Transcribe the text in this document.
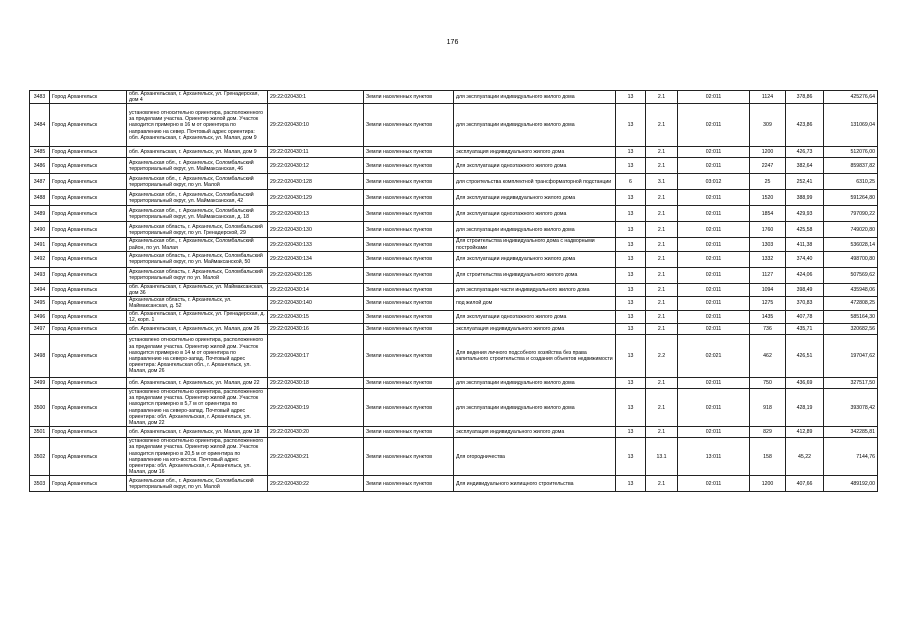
176
3483	Город Архангельск	обл. Архангельская, г. Архангельск, ул. Гренадерская, дом 4	29:22:020430:1	Земли населенных пунктов	для эксплуатации индивидуального жилого дома	13	2.1	02:011	1124	378,86	425276,64
3484	Город Архангельск	установлено относительно ориентира, расположенного за пределами участка. Ориентир жилой дом. Участок находится примерно в 16 м от ориентира по направлению на север. Почтовый адрес ориентира: обл. Архангельская, г. Архангельск, ул. Малая, дом 9	29:22:020430:10	Земли населенных пунктов	для эксплуатации индивидуального жилого дома	13	2.1	02:011	309	423,86	131069,04
3485	Город Архангельск	обл. Архангельская, г. Архангельск, ул. Малая, дом 9	29:22:020430:11	Земли населенных пунктов	эксплуатация индивидуального жилого дома	13	2.1	02:011	1200	426,73	512076,00
3486	Город Архангельск	Архангельская обл., г. Архангельск, Соломбальский территориальный округ, ул. Маймаксанская, 46	29:22:020430:12	Земли населенных пунктов	Для эксплуатации одноэтажного жилого дома	13	2.1	02:011	2247	382,64	859837,82
3487	Город Архангельск	Архангельская обл., г. Архангельск, Соломбальский территориальный округ, по ул. Малой	29:22:020430:128	Земли населенных пунктов	для строительства комплектной трансформаторной подстанции	6	3.1	03:012	25	252,41	6310,25
3488	Город Архангельск	Архангельская обл., г. Архангельск, Соломбальский территориальный округ, ул. Маймаксанская, 42	29:22:020430:129	Земли населенных пунктов	Для эксплуатации индивидуального жилого дома	13	2.1	02:011	1520	388,99	591264,80
3489	Город Архангельск	Архангельская обл., г. Архангельск, Соломбальский территориальный округ, ул. Маймаксанская, д. 18	29:22:020430:13	Земли населенных пунктов	Для эксплуатации одноэтажного жилого дома	13	2.1	02:011	1854	429,93	797090,22
3490	Город Архангельск	Архангельская область, г. Архангельск, Соломбальский территориальный округ, по ул. Гренадерской, 29	29:22:020430:130	Земли населенных пунктов	для эксплуатации индивидуального жилого дома	13	2.1	02:011	1760	425,58	749020,80
3491	Город Архангельск	Архангельская обл., г. Архангельск, Соломбальский район, по ул. Малая	29:22:020430:133	Земли населенных пунктов	Для строительства индивидуального дома с надворными постройками	13	2.1	02:011	1303	411,38	536028,14
3492	Город Архангельск	Архангельская область, г. Архангельск, Соломбальский территориальный округ, по ул. Маймаксанской, 50	29:22:020430:134	Земли населенных пунктов	Для эксплуатации индивидуального жилого дома	13	2.1	02:011	1332	374,40	498700,80
3493	Город Архангельск	Архангельская область, г. Архангельск, Соломбальский территориальный округ по ул. Малой	29:22:020430:135	Земли населенных пунктов	Для строительства индивидуального жилого дома	13	2.1	02:011	1127	424,06	507569,62
3494	Город Архангельск	обл. Архангельская, г. Архангельск, ул. Маймаксанская, дом 36	29:22:020430:14	Земли населенных пунктов	для эксплуатации части индивидуального жилого дома	13	2.1	02:011	1094	398,49	435948,06
3495	Город Архангельск	Архангельская область, г. Архангельск, ул. Маймаксанская, д. 52	29:22:020430:140	Земли населенных пунктов	под жилой дом	13	2.1	02:011	1275	370,83	472808,25
3496	Город Архангельск	обл. Архангельская, г. Архангельск, ул. Гренадерская, д. 12, корп. 1	29:22:020430:15	Земли населенных пунктов	Для эксплуатации одноэтажного жилого дома	13	2.1	02:011	1435	407,78	585164,30
3497	Город Архангельск	обл. Архангельская, г. Архангельск, ул. Малая, дом 26	29:22:020430:16	Земли населенных пунктов	эксплуатация индивидуального жилого дома	13	2.1	02:011	736	435,71	320682,56
3498	Город Архангельск	установлено относительно ориентира, расположенного за пределами участка. Ориентир жилой дом. Участок находится примерно в 14 м от ориентира по направлению на северо-запад. Почтовый адрес ориентира: Архангельская обл., г. Архангельск, ул. Малая, дом 26	29:22:020430:17	Земли населенных пунктов	Для ведения личного подсобного хозяйства без права капитального строительства и создания объектов недвижимости	13	2.2	02:021	462	426,51	197047,62
3499	Город Архангельск	обл. Архангельская, г. Архангельск, ул. Малая, дом 22	29:22:020430:18	Земли населенных пунктов	для эксплуатации индивидуального жилого дома	13	2.1	02:011	750	436,69	327517,50
3500	Город Архангельск	установлено относительно ориентира, расположенного за пределами участка. Ориентир жилой дом. Участок находится примерно в 5,7 м от ориентира по направлению на северо-запад. Почтовый адрес ориентира: обл. Архангельская, г. Архангельск, ул. Малая, дом 22	29:22:020430:19	Земли населенных пунктов	для эксплуатации индивидуального жилого дома	13	2.1	02:011	918	428,19	393078,42
3501	Город Архангельск	обл. Архангельская, г. Архангельск, ул. Малая, дом 18	29:22:020430:20	Земли населенных пунктов	эксплуатация индивидуального жилого дома	13	2.1	02:011	829	412,89	342285,81
3502	Город Архангельск	установлено относительно ориентира, расположенного за пределами участка. Ориентир жилой дом. Участок находится примерно в 20,5 м от ориентира по направлению на юго-восток. Почтовый адрес ориентира: обл. Архангельская, г. Архангельск, ул. Малая, дом 16	29:22:020430:21	Земли населенных пунктов	Для огородничества	13	13.1	13:011	158	45,22	7144,76
3503	Город Архангельск	Архангельская обл., г. Архангельск, Соломбальский территориальный округ, по ул. Малой	29:22:020430:22	Земли населенных пунктов	Для индивидуального жилищного строительства	13	2.1	02:011	1200	407,66	489192,00
